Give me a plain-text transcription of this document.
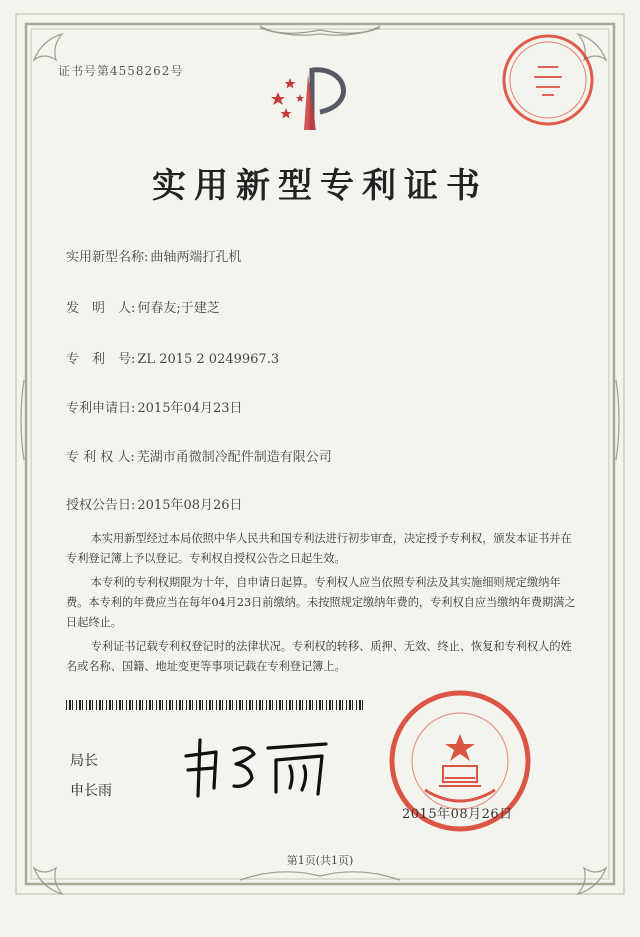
证书号第4558262号
实用新型专利证书
实用新型名称: 曲轴两端打孔机
发　明　人: 何春友;于建芝
专　利　号: ZL 2015 2 0249967.3
专利申请日: 2015年04月23日
专 利 权 人: 芜湖市甬微制冷配件制造有限公司
授权公告日: 2015年08月26日

本实用新型经过本局依照中华人民共和国专利法进行初步审查，决定授予专利权，颁发本证书并在专利登记簿上予以登记。专利权自授权公告之日起生效。

本专利的专利权期限为十年，自申请日起算。专利权人应当依照专利法及其实施细则规定缴纳年费。本专利的年费应当在每年04月23日前缴纳。未按照规定缴纳年费的，专利权自应当缴纳年费期满之日起终止。

专利证书记载专利权登记时的法律状况。专利权的转移、质押、无效、终止、恢复和专利权人的姓名或名称、国籍、地址变更等事项记载在专利登记簿上。

局长
申长雨
2015年08月26日
第1页(共1页)
